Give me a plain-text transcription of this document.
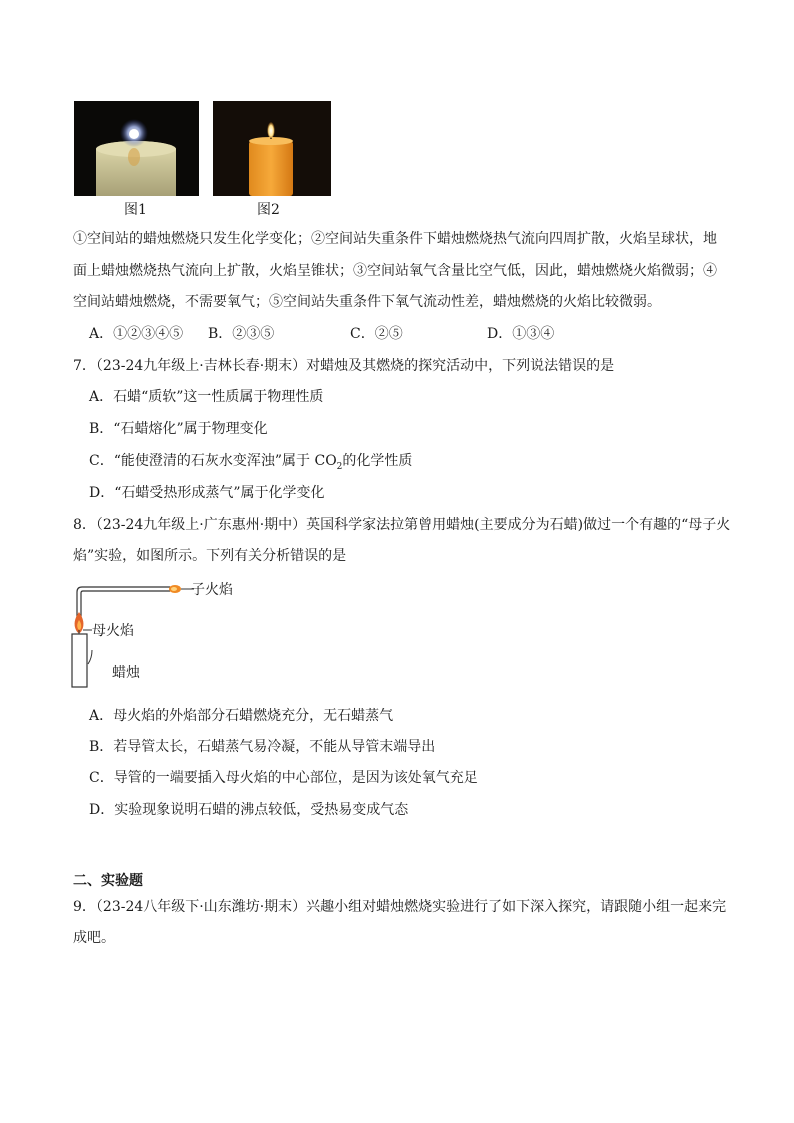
图1	图2
①空间站的蜡烛燃烧只发生化学变化；②空间站失重条件下蜡烛燃烧热气流向四周扩散，火焰呈球状，地
面上蜡烛燃烧热气流向上扩散，火焰呈锥状；③空间站氧气含量比空气低，因此，蜡烛燃烧火焰微弱；④
空间站蜡烛燃烧，不需要氧气；⑤空间站失重条件下氧气流动性差，蜡烛燃烧的火焰比较微弱。
A．①②③④⑤ B．②③⑤	C．②⑤	D．①③④
7．（23-24九年级上·吉林长春·期末）对蜡烛及其燃烧的探究活动中，下列说法错误的是
A．石蜡“质软”这一性质属于物理性质
B．“石蜡熔化”属于物理变化
C．“能使澄清的石灰水变浑浊”属于 $CO_2$的化学性质
D．“石蜡受热形成蒸气”属于化学变化
8．（23-24九年级上·广东惠州·期中）英国科学家法拉第曾用蜡烛(主要成分为石蜡)做过一个有趣的“母子火
焰”实验，如图所示。下列有关分析错误的是
子火焰
母火焰
蜡烛
A．母火焰的外焰部分石蜡燃烧充分，无石蜡蒸气
B．若导管太长，石蜡蒸气易冷凝，不能从导管末端导出
C．导管的一端要插入母火焰的中心部位，是因为该处氧气充足
D．实验现象说明石蜡的沸点较低，受热易变成气态
二、实验题
9．（23-24八年级下·山东潍坊·期末）兴趣小组对蜡烛燃烧实验进行了如下深入探究，请跟随小组一起来完
成吧。
